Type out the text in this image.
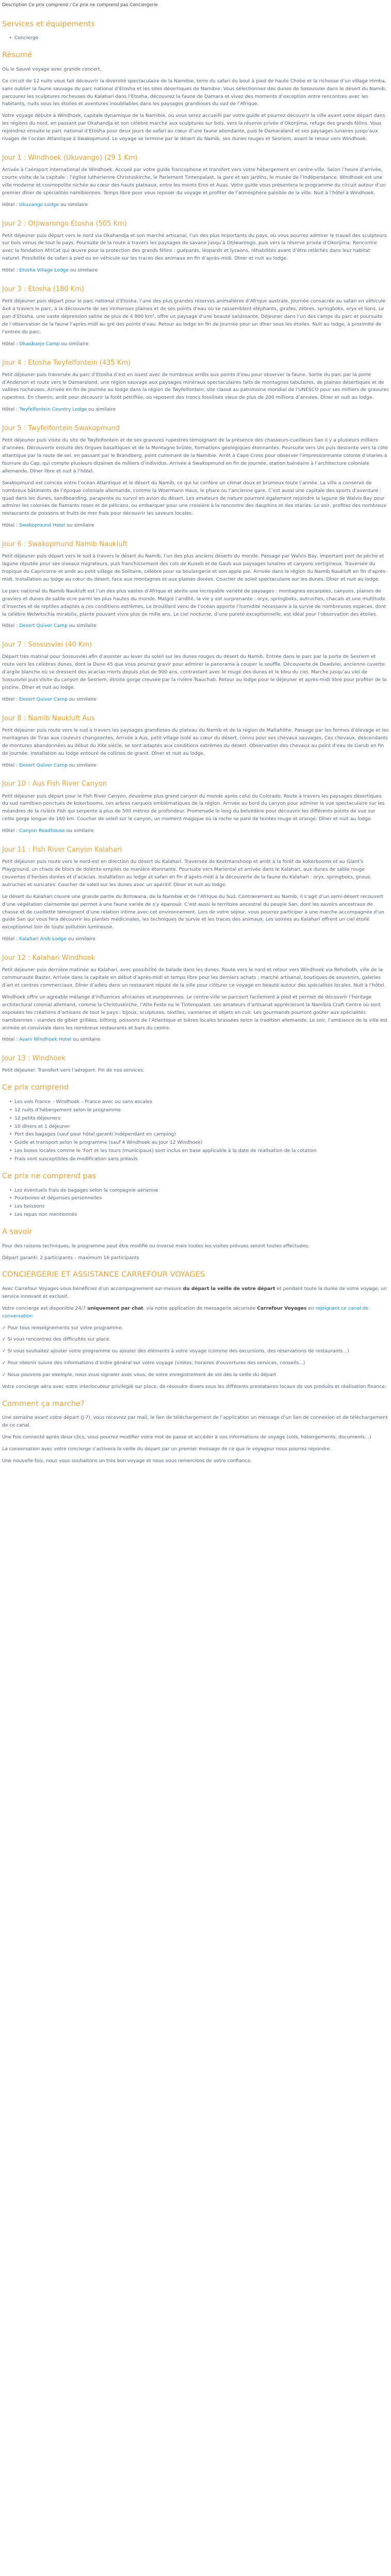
Description Ce prix comprend / Ce prix ne comprend pas Conciergerie
Services et équipements
• Concierge
Résumé

Où le Sauvé voyage avec grande concert.

Ce circuit de 12 nuits vous fait découvrir la diversité spectaculaire de la Namibie, terre du safari du bout à pied de haute Chobe et la richesse d’un village Himba, sans oublier la faune sauvage du parc national d’Etosha et les sites désertiques de Namibie. Vous sélectionnez des dunes de Sossusvlei dans le désert du Namib, parcourez les sculptures rocheuses du Kalahari dans l’Etosha, découvrez la faune de Damara et vivez des moments d’exception entre rencontres avec les habitants, nuits sous les étoiles et aventures inoubliables dans les paysages grandioses du sud de l’Afrique.

Votre voyage débute à Windhoek, capitale dynamique de la Namibie, où vous serez accueilli par votre guide et pourrez découvrir la ville avant votre départ dans les régions du nord, en passant par Okahandja et son célèbre marché aux sculptures sur bois, vers la réserve privée d’Okonjima, refuge des grands félins. Vous rejoindrez ensuite le parc national d’Etosha pour deux jours de safari au cœur d’une faune abondante, puis le Damaraland et ses paysages lunaires jusqu’aux rivages de l’océan Atlantique à Swakopmund. Le voyage se termine par le désert du Namib, ses dunes rouges et Sesriem, avant le retour vers Windhoek.

Jour 1 : Windhoek (Ukuvango) (29 1 Km)

Arrivée à l’aéroport international de Windhoek. Accueil par votre guide francophone et transfert vers votre hébergement en centre-ville. Selon l’heure d’arrivée, courte visite de la capitale : l’église luthérienne Christuskirche, le Parlement Tintenpalast, la gare et ses jardins, le musée de l’Indépendance. Windhoek est une ville moderne et cosmopolite nichée au cœur des hauts plateaux, entre les monts Eros et Auas. Votre guide vous présentera le programme du circuit autour d’un premier dîner de spécialités namibiennes. Temps libre pour vous reposer du voyage et profiter de l’atmosphère paisible de la ville. Nuit à l’hôtel à Windhoek.

Hôtel : Ukuvango Lodge ou similaire

Jour 2 : Otjiwarongo Etosha (505 Km)

Petit déjeuner puis départ vers le nord via Okahandja et son marché artisanal, l’un des plus importants du pays, où vous pourrez admirer le travail des sculpteurs sur bois venus de tout le pays. Poursuite de la route à travers les paysages de savane jusqu’à Otjiwarongo, puis vers la réserve privée d’Okonjima. Rencontre avec la fondation AfriCat qui œuvre pour la protection des grands félins : guépards, léopards et lycaons, réhabilités avant d’être relâchés dans leur habitat naturel. Possibilité de safari à pied ou en véhicule sur les traces des animaux en fin d’après-midi. Dîner et nuit au lodge.

Hôtel : Etosha Village Lodge ou similaire

Jour 3 : Etosha (180 Km)

Petit déjeuner puis départ pour le parc national d’Etosha, l’une des plus grandes réserves animalières d’Afrique australe. Journée consacrée au safari en véhicule 4x4 à travers le parc, à la découverte de ses immenses plaines et de ses points d’eau où se rassemblent éléphants, girafes, zèbres, springboks, oryx et lions. Le pan d’Etosha, une vaste dépression saline de plus de 4 800 km², offre un paysage d’une beauté saisissante. Déjeuner dans l’un des camps du parc et poursuite de l’observation de la faune l’après-midi au gré des points d’eau. Retour au lodge en fin de journée pour un dîner sous les étoiles. Nuit au lodge, à proximité de l’entrée du parc.

Hôtel : Okaukuejo Camp ou similaire

Jour 4 : Etosha Twyfelfontein (435 Km)

Petit déjeuner puis traversée du parc d’Etosha d’est en ouest avec de nombreux arrêts aux points d’eau pour observer la faune. Sortie du parc par la porte d’Anderson et route vers le Damaraland, une région sauvage aux paysages minéraux spectaculaires faits de montagnes tabulaires, de plaines désertiques et de vallées rocheuses. Arrivée en fin de journée au lodge dans la région de Twyfelfontein, site classé au patrimoine mondial de l’UNESCO pour ses milliers de gravures rupestres. En chemin, arrêt pour découvrir la forêt pétrifiée, où reposent des troncs fossilisés vieux de plus de 200 millions d’années. Dîner et nuit au lodge.

Hôtel : Twyfelfontein Country Lodge ou similaire

Jour 5 : Twyfelfontein Swakopmund

Petit déjeuner puis visite du site de Twyfelfontein et de ses gravures rupestres témoignant de la présence des chasseurs-cueilleurs San il y a plusieurs milliers d’années. Découverte ensuite des Orgues basaltiques et de la Montagne brûlée, formations géologiques étonnantes. Poursuite vers Uis puis descente vers la côte atlantique par la route de sel, en passant par le Brandberg, point culminant de la Namibie. Arrêt à Cape Cross pour observer l’impressionnante colonie d’otaries à fourrure du Cap, qui compte plusieurs dizaines de milliers d’individus. Arrivée à Swakopmund en fin de journée, station balnéaire à l’architecture coloniale allemande. Dîner libre et nuit à l’hôtel.

Swakopmund est coincée entre l’océan Atlantique et le désert du Namib, ce qui lui confère un climat doux et brumeux toute l’année. La ville a conservé de nombreux bâtiments de l’époque coloniale allemande, comme la Woermann Haus, le phare ou l’ancienne gare. C’est aussi une capitale des sports d’aventure : quad dans les dunes, sandboarding, parapente ou survol en avion du désert. Les amateurs de nature pourront également rejoindre la lagune de Walvis Bay pour admirer les colonies de flamants roses et de pélicans, ou embarquer pour une croisière à la rencontre des dauphins et des otaries. Le soir, profitez des nombreux restaurants de poissons et fruits de mer frais pour découvrir les saveurs locales.

Hôtel : Swakopmund Hotel ou similaire

Jour 6 : Swakopmund Namib Naukluft

Petit déjeuner puis départ vers le sud à travers le désert du Namib, l’un des plus anciens déserts du monde. Passage par Walvis Bay, important port de pêche et lagune réputée pour ses oiseaux migrateurs, puis franchissement des cols de Kuiseb et de Gaub aux paysages lunaires et canyons vertigineux. Traversée du tropique du Capricorne et arrêt au petit village de Solitaire, célèbre pour sa boulangerie et son apple pie. Arrivée dans la région du Namib Naukluft en fin d’après-midi. Installation au lodge au cœur du désert, face aux montagnes et aux plaines dorées. Coucher de soleil spectaculaire sur les dunes. Dîner et nuit au lodge.

Le parc national du Namib Naukluft est l’un des plus vastes d’Afrique et abrite une incroyable variété de paysages : montagnes escarpées, canyons, plaines de graviers et dunes de sable ocre parmi les plus hautes du monde. Malgré l’aridité, la vie y est surprenante : oryx, springboks, autruches, chacals et une multitude d’insectes et de reptiles adaptés à ces conditions extrêmes. Le brouillard venu de l’océan apporte l’humidité nécessaire à la survie de nombreuses espèces, dont la célèbre Welwitschia mirabilis, plante pouvant vivre plus de mille ans. Le ciel nocturne, d’une pureté exceptionnelle, est idéal pour l’observation des étoiles.

Hôtel : Desert Quiver Camp ou similaire

Jour 7 : Sossusvlei (40 Km)

Départ très matinal pour Sossusvlei afin d’assister au lever du soleil sur les dunes rouges du désert du Namib. Entrée dans le parc par la porte de Sesriem et route vers les célèbres dunes, dont la Dune 45 que vous pourrez gravir pour admirer le panorama à couper le souffle. Découverte de Deadvlei, ancienne cuvette d’argile blanche où se dressent des acacias morts depuis plus de 900 ans, contrastant avec le rouge des dunes et le bleu du ciel. Marche jusqu’au vlei de Sossusvlei puis visite du canyon de Sesriem, étroite gorge creusée par la rivière Tsauchab. Retour au lodge pour le déjeuner et après-midi libre pour profiter de la piscine. Dîner et nuit au lodge.

Hôtel : Desert Quiver Camp ou similaire

Jour 8 : Namib Naukluft Aus

Petit déjeuner puis route vers le sud à travers les paysages grandioses du plateau du Namib et de la région de Maltahöhe. Passage par les fermes d’élevage et les montagnes de Tiras aux couleurs changeantes. Arrivée à Aus, petit village isolé au cœur du désert, connu pour ses chevaux sauvages. Ces chevaux, descendants de montures abandonnées au début du XXe siècle, se sont adaptés aux conditions extrêmes du désert. Observation des chevaux au point d’eau de Garub en fin de journée. Installation au lodge entouré de collines de granit. Dîner et nuit au lodge.

Hôtel : Desert Quiver Camp ou similaire

Jour 10 : Aus Fish River Canyon

Petit déjeuner puis départ pour le Fish River Canyon, deuxième plus grand canyon du monde après celui du Colorado. Route à travers les paysages désertiques du sud namibien ponctués de kokerbooms, ces arbres carquois emblématiques de la région. Arrivée au bord du canyon pour admirer la vue spectaculaire sur les méandres de la rivière Fish qui serpente à plus de 500 mètres de profondeur. Promenade le long du belvédère pour découvrir les différents points de vue sur cette gorge longue de 160 km. Coucher de soleil sur le canyon, un moment magique où la roche se pare de teintes rouge et orangé. Dîner et nuit au lodge.

Hôtel : Canyon Roadhouse ou similaire

Jour 11 : Fish River Canyon Kalahari

Petit déjeuner puis route vers le nord-est en direction du désert du Kalahari. Traversée de Keetmanshoop et arrêt à la forêt de kokerbooms et au Giant’s Playground, un chaos de blocs de dolérite empilés de manière étonnante. Poursuite vers Mariental et arrivée dans le Kalahari, aux dunes de sable rouge couvertes d’herbes dorées et d’acacias. Installation au lodge et safari en fin d’après-midi à la découverte de la faune du Kalahari : oryx, springboks, gnous, autruches et suricates. Coucher de soleil sur les dunes avec un apéritif. Dîner et nuit au lodge.

Le désert du Kalahari couvre une grande partie du Botswana, de la Namibie et de l’Afrique du Sud. Contrairement au Namib, il s’agit d’un semi-désert recouvert d’une végétation clairsemée qui permet à une faune variée de s’y épanouir. C’est aussi le territoire ancestral du peuple San, dont les savoirs ancestraux de chasse et de cueillette témoignent d’une relation intime avec cet environnement. Lors de votre séjour, vous pourrez participer à une marche accompagnée d’un guide San qui vous fera découvrir les plantes médicinales, les techniques de survie et les traces des animaux. Les soirées au Kalahari offrent un ciel étoilé exceptionnel loin de toute pollution lumineuse.

Hôtel : Kalahari Anib Lodge ou similaire

Jour 12 : Kalahari Windhoek

Petit déjeuner puis dernière matinée au Kalahari, avec possibilité de balade dans les dunes. Route vers le nord et retour vers Windhoek via Rehoboth, ville de la communauté Baster. Arrivée dans la capitale en début d’après-midi et temps libre pour les derniers achats : marché artisanal, boutiques de souvenirs, galeries d’art et centres commerciaux. Dîner d’adieu dans un restaurant réputé de la ville pour clôturer ce voyage en beauté autour des spécialités locales. Nuit à l’hôtel.

Windhoek offre un agréable mélange d’influences africaines et européennes. Le centre-ville se parcourt facilement à pied et permet de découvrir l’héritage architectural colonial allemand, comme la Christuskirche, l’Alte Feste ou le Tintenpalast. Les amateurs d’artisanat apprécieront la Namibia Craft Centre où sont exposées les créations d’artisans de tout le pays : bijoux, sculptures, textiles, vanneries et objets en cuir. Les gourmands pourront goûter aux spécialités namibiennes : viandes de gibier grillées, biltong, poissons de l’Atlantique et bières locales brassées selon la tradition allemande. Le soir, l’ambiance de la ville est animée et conviviale dans les nombreux restaurants et bars du centre.

Hôtel : Avani Windhoek Hotel ou similaire

Jour 13 : Windhoek

Petit déjeuner. Transfert vers l’aéroport. Fin de nos services.

Ce prix comprend
• Les vols France – Windhoek – France avec ou sans escales
• 12 nuits d’hébergement selon le programme
• 12 petits déjeuners
• 10 dîners et 1 déjeuner
• Port des bagages (sauf pour hôtel garanti indépendant en camping)
• Guide et transport selon le programme (sauf 4 Windhoek au Jour 12 Windhoek)
• Les boxes locales comme le 'Fort et les tours (municipaux) sont inclus en base applicable à la date de réalisation de la cotation
• Frais sont susceptibles de modification sans préavis
Ce prix ne comprend pas
• Les éventuels frais de bagages selon la compagnie aérienne
• Pourboires et dépenses personnelles
• Les boissons
• Les repas non mentionnés
A savoir

Pour des raisons techniques, le programme peut être modifié ou inversé mais toutes les visites prévues seront toutes effectuées.

Départ garanti: 2 participants – maximum 16 participants

CONCIERGERIE ET ASSISTANCE CARREFOUR VOYAGES

Avec Carrefour Voyages vous bénéficiez d’un accompagnement sur-mesure du départ la veille de votre départ et pendant toute la durée de votre voyage, un service innovant et exclusif.

Votre concierge est disponible 24/7 uniquement par chat, via notre application de messagerie sécurisée Carrefour Voyages en rejoignant ce canal de conversation

✓ Pour tous renseignements sur votre programme.

✓ Si vous rencontrez des difficultés sur place.

✓ Si vous souhaitez ajouter votre programme ou ajouter des éléments à votre voyage (comme des excursions, des réservations de restaurants...)

✓ Pour obtenir suivre des informations d’ordre général sur votre voyage (visites, horaires d’ouvertures des services, conseils...)

✓ Nous pouvons par exemple, nous vous signaler avec vous, de votre enregistrement de vol dès la veille du départ

Votre concierge aéra avec votre interlocuteur privilégié sur place, de résoudre divers sous les différents prestataires locaux de vos produits et réalisation finance.

Comment ça marche?

Une semaine avant votre départ (J-7), vous recevrez par mail, le lien de téléchargement de l’application un message d’un lien de connexion et de téléchargement de ce canal.

Une fois connecté après deux clics, vous pourrez modifier votre mot de passe et accéder à vos informations de voyage (vols, hébergements, documents...)

La conversation avec votre concierge s’activera la veille du départ par un premier message de ce que le voyageur nous pourrez répondre.

Une nouvelle fois, nous vous souhaitons un très bon voyage et nous vous remercions de votre confiance.
